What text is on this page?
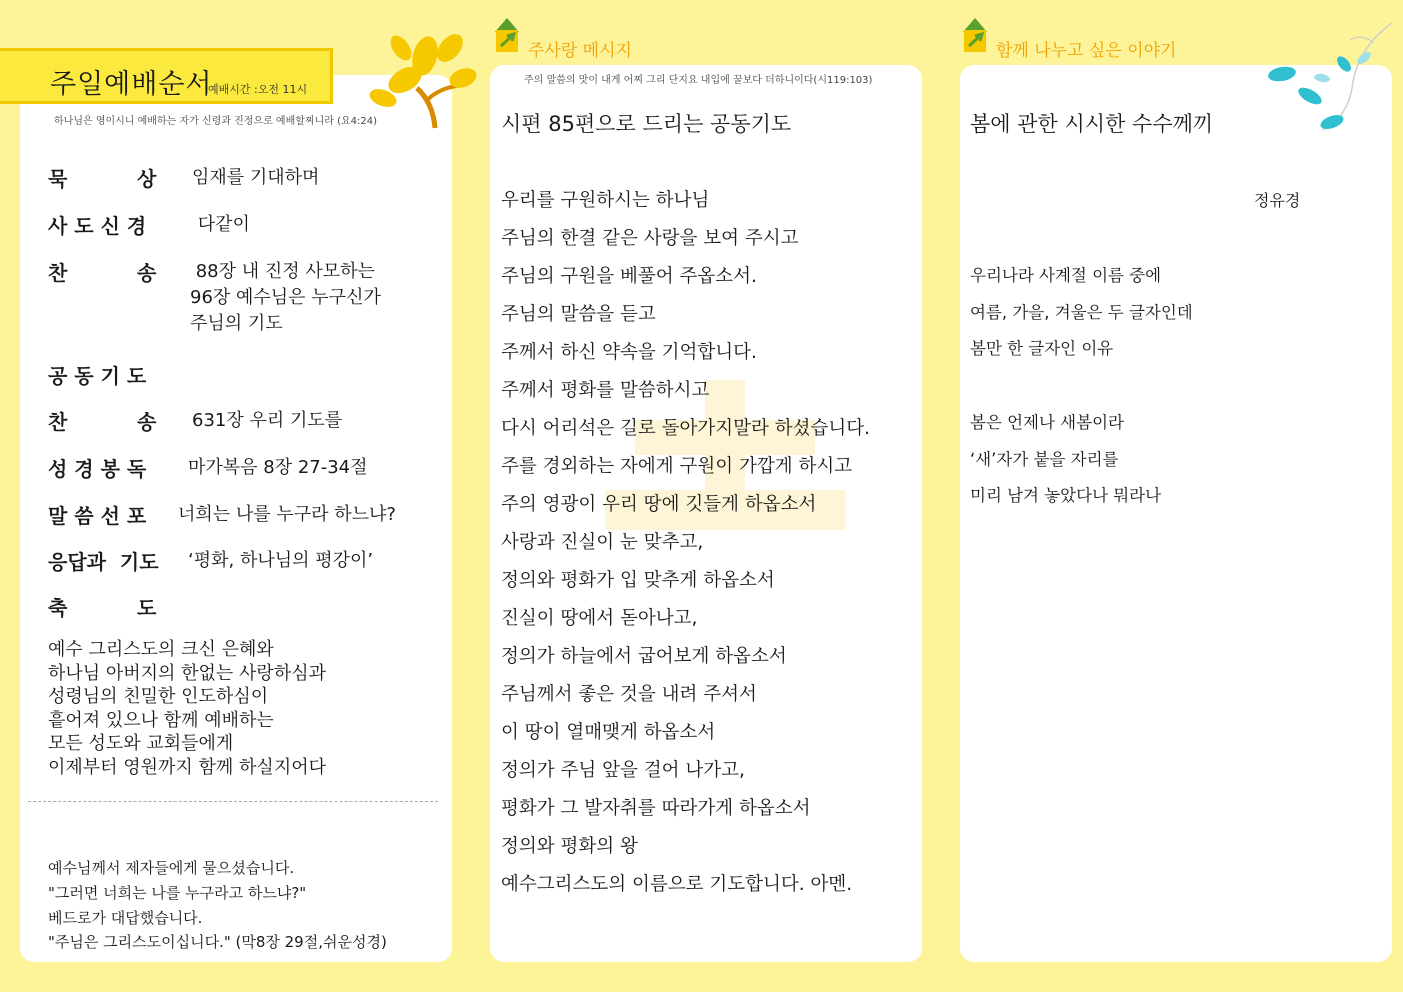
주일예배순서
예배시간 :오전 11시
하나님은 영이시니 예배하는 자가 신령과 진정으로 예배할찌니라 (요4:24)
묵          상 임재를 기대하며
사 도 신 경	다같이
찬          송	88장 내 진정 사모하는
96장 예수님은 누구신가
주님의 기도
공 동 기 도
찬          송 631장 우리 기도를
성 경 봉 독 마가복음 8장 27-34절
말 씀 선 포 너희는 나를 누구라 하느냐?
응답과  기도 ‘평화, 하나님의 평강이’
축          도
예수 그리스도의 크신 은혜와
하나님 아버지의 한없는 사랑하심과
성령님의 친밀한 인도하심이
흩어져 있으나 함께 예배하는
모든 성도와 교회들에게
이제부터 영원까지 함께 하실지어다
예수님께서 제자들에게 물으셨습니다.
"그러면 너희는 나를 누구라고 하느냐?"
베드로가 대답했습니다.
"주님은 그리스도이십니다." (막8장 29절,쉬운성경)
주사랑 메시지
주의 말씀의 맛이 내게 어찌 그리 단지요 내입에 꿀보다 더하니이다(시119:103)
시편 85편으로 드리는 공동기도
우리를 구원하시는 하나님
주님의 한결 같은 사랑을 보여 주시고
주님의 구원을 베풀어 주옵소서.
주님의 말씀을 듣고
주께서 하신 약속을 기억합니다.
주께서 평화를 말씀하시고
다시 어리석은 길로 돌아가지말라 하셨습니다.
주를 경외하는 자에게 구원이 가깝게 하시고
주의 영광이 우리 땅에 깃들게 하옵소서
사랑과 진실이 눈 맞추고,
정의와 평화가 입 맞추게 하옵소서
진실이 땅에서 돋아나고,
정의가 하늘에서 굽어보게 하옵소서
주님께서 좋은 것을 내려 주셔서
이 땅이 열매맺게 하옵소서
정의가 주님 앞을 걸어 나가고,
평화가 그 발자취를 따라가게 하옵소서
정의와 평화의 왕
예수그리스도의 이름으로 기도합니다. 아멘.
함께 나누고 싶은 이야기
봄에 관한 시시한 수수께끼
정유경
우리나라 사계절 이름 중에
여름, 가을, 겨울은 두 글자인데
봄만 한 글자인 이유

봄은 언제나 새봄이라
‘새’자가 붙을 자리를
미리 남겨 놓았다나 뭐라나
